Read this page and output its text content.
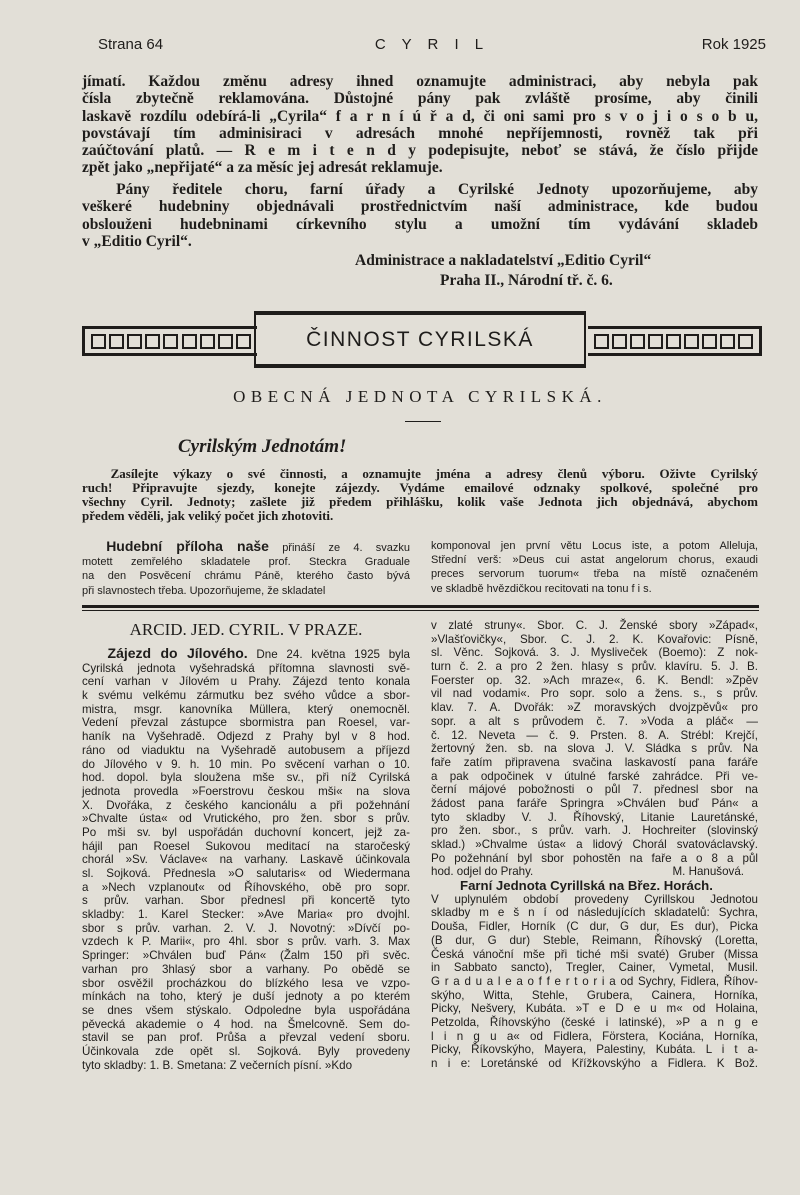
Strana 64	C Y R I L	Rok 1925
jímatí. Každou změnu adresy ihned oznamujte administraci, aby nebyla pak
čísla zbytečně reklamována. Důstojné pány pak zvláště prosíme, aby činili
laskavě rozdílu odebírá-li „Cyrila“ f a r n í ú ř a d, či oni sami pro s v o j i o s o b u,
povstávají tím adminisiraci v adresách mnohé nepříjemnosti, rovněž tak při
zaúčtování platů. — R e m i t e n d y podepisujte, neboť se stává, že číslo přijde
zpět jako „nepřijaté“ a za měsíc jej adresát reklamuje.
Pány ředitele choru, farní úřady a Cyrilské Jednoty upozorňujeme, aby
veškeré hudebniny objednávali prostřednictvím naší administrace, kde budou
obslouženi hudebninami církevního stylu a umožní tím vydávání skladeb
v „Editio Cyril“.
Administrace a nakladatelství „Editio Cyril“
Praha II., Národní tř. č. 6.
ČINNOST CYRILSKÁ
OBECNÁ JEDNOTA CYRILSKÁ.
Cyrilským Jednotám!
Zasílejte výkazy o své činnosti, a oznamujte jména a adresy členů výboru. Oživte Cyrilský
ruch! Připravujte sjezdy, konejte zájezdy. Vydáme emailové odznaky spolkové, společné pro
všechny Cyril. Jednoty; zašlete již předem přihlášku, kolik vaše Jednota jich objednává, abychom
předem věděli, jak veliký počet jich zhotoviti.
Hudební příloha naše přináší ze 4. svazku
motett zemřelého skladatele prof. Steckra Graduale
na den Posvěcení chrámu Páně, kterého často bývá
při slavnostech třeba. Upozorňujeme, že skladatel
komponoval jen první větu Locus iste, a potom Alleluja,
Střední verš: »Deus cui astat angelorum chorus, exaudi
preces servorum tuorum« třeba na místě označeném
ve skladbě hvězdičkou recitovati na tonu f i s.
ARCID. JED. CYRIL. V PRAZE.
Zájezd do Jílového. Dne 24. května 1925 byla
Cyrilská jednota vyšehradská přítomna slavnosti svě-
cení varhan v Jílovém u Prahy. Zájezd tento konala
k svému velkému zármutku bez svého vůdce a sbor-
mistra, msgr. kanovníka Müllera, který onemocněl.
Vedení převzal zástupce sbormistra pan Roesel, var-
haník na Vyšehradě. Odjezd z Prahy byl v 8 hod.
ráno od viaduktu na Vyšehradě autobusem a příjezd
do Jílového v 9. h. 10 min. Po svěcení varhan o 10.
hod. dopol. byla sloužena mše sv., při níž Cyrilská
jednota provedla »Foerstrovu českou mši« na slova
X. Dvořáka, z českého kancionálu a při požehnání
»Chvalte ústa« od Vrutického, pro žen. sbor s prův.
Po mši sv. byl uspořádán duchovní koncert, jejž za-
hájil pan Roesel Sukovou meditací na staročeský
chorál »Sv. Václave« na varhany. Laskavě účinkovala
sl. Sojková. Přednesla »O salutaris« od Wiedermana
a »Nech vzplanout« od Říhovského, obě pro sopr.
s prův. varhan. Sbor přednesl při koncertě tyto
skladby: 1. Karel Stecker: »Ave Maria« pro dvojhl.
sbor s prův. varhan. 2. V. J. Novotný: »Dívčí po-
vzdech k P. Marii«, pro 4hl. sbor s prův. varh. 3. Max
Springer: »Chválen buď Pán« (Žalm 150 při svěc.
varhan pro 3hlasý sbor a varhany. Po obědě se
sbor osvěžil procházkou do blízkého lesa ve vzpo-
mínkách na toho, který je duší jednoty a po kterém
se dnes všem stýskalo. Odpoledne byla uspořádána
pěvecká akademie o 4 hod. na Šmelcovně. Sem do-
stavil se pan prof. Průša a převzal vedení sboru.
Účinkovala zde opět sl. Sojková. Byly provedeny
tyto skladby: 1. B. Smetana: Z večerních písní. »Kdo
v zlaté struny«. Sbor. C. J. Ženské sbory »Západ«,
»Vlašťovičky«, Sbor. C. J. 2. K. Kovařovic: Písně,
sl. Věnc. Sojková. 3. J. Mysliveček (Boemo): Z nok-
turn č. 2. a pro 2 žen. hlasy s prův. klavíru. 5. J. B.
Foerster op. 32. »Ach mraze«, 6. K. Bendl: »Zpěv
vil nad vodami«. Pro sopr. solo a žens. s., s prův.
klav. 7. A. Dvořák: »Z moravských dvojzpěvů« pro
sopr. a alt s průvodem č. 7. »Voda a pláč« —
č. 12. Neveta — č. 9. Prsten. 8. A. Strébl: Krejčí,
žertovný žen. sb. na slova J. V. Sládka s prův. Na
faře zatím připravena svačina laskavostí pana faráře
a pak odpočinek v útulné farské zahrádce. Při ve-
černí májové pobožnosti o půl 7. přednesl sbor na
žádost pana faráře Springra »Chválen buď Pán« a
tyto skladby V. J. Říhovský, Litanie Lauretánské,
pro žen. sbor., s prův. varh. J. Hochreiter (slovinský
sklad.) »Chvalme ústa« a lidový Chorál svatováclavský.
Po požehnání byl sbor pohostěn na faře a o 8 a půl
hod. odjel do Prahy.	M. Hanušová.
Farní Jednota Cyrillská na Břez. Horách.
V uplynulém období provedeny Cyrillskou Jednotou
skladby m e š n í od následujících skladatelů: Sychra,
Douša, Fidler, Horník (C dur, G dur, Es dur), Picka
(B dur, G dur) Steble, Reimann, Říhovský (Loretta,
Česká vánoční mše při tiché mši svaté) Gruber (Missa
in Sabbato sancto), Tregler, Cainer, Vymetal, Musil.
G r a d u a l e a o f f e r t o r i a od Sychry, Fidlera, Říhov-
skýho, Witta, Stehle, Grubera, Cainera, Horníka,
Picky, Nešvery, Kubáta. »T e D e u m« od Holaina,
Petzolda, Říhovskýho (české i latinské), »P a n g e
l i n g u a« od Fidlera, Förstera, Kociána, Horníka,
Picky, Říkovskýho, Mayera, Palestiny, Kubáta. L i t a-
n i e: Loretánské od Křížkovskýho a Fidlera. K Bož.
